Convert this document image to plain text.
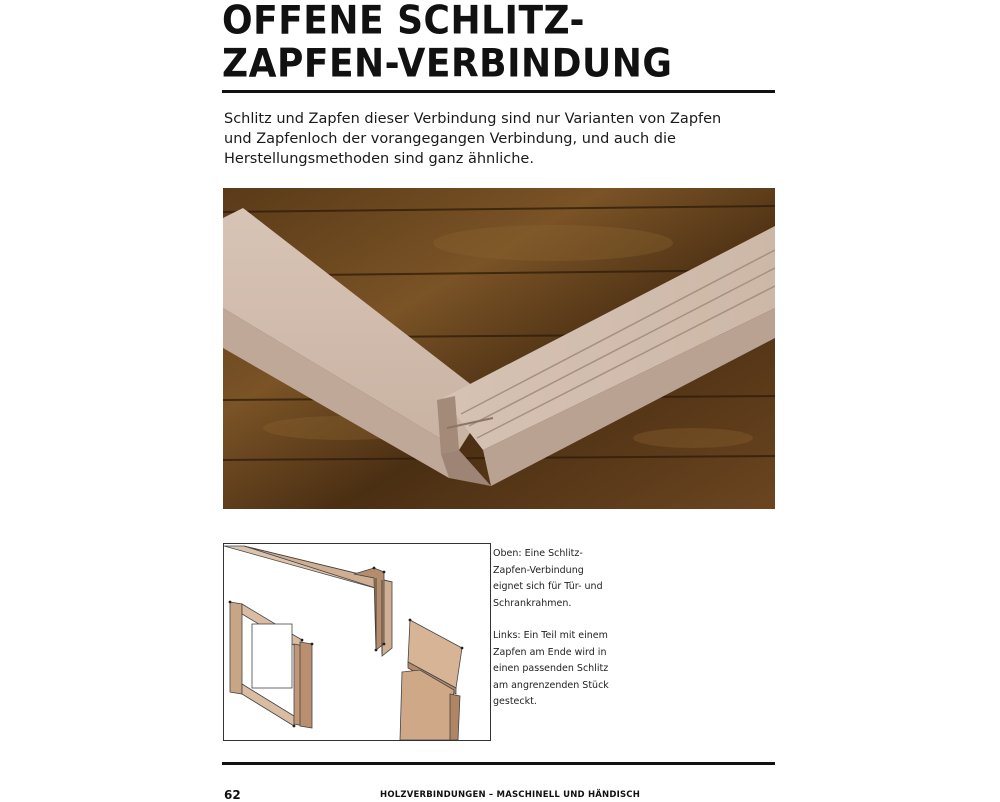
OFFENE SCHLITZ-
ZAPFEN-VERBINDUNG
Schlitz und Zapfen dieser Verbindung sind nur Varianten von Zapfen
und Zapfenloch der vorangegangen Verbindung, und auch die
Herstellungsmethoden sind ganz ähnliche.
Oben: Eine Schlitz-
Zapfen-Verbindung
eignet sich für Tür- und
Schrankrahmen.
Links: Ein Teil mit einem
Zapfen am Ende wird in
einen passenden Schlitz
am angrenzenden Stück
gesteckt.
62	HOLZVERBINDUNGEN – MASCHINELL UND HÄNDISCH
